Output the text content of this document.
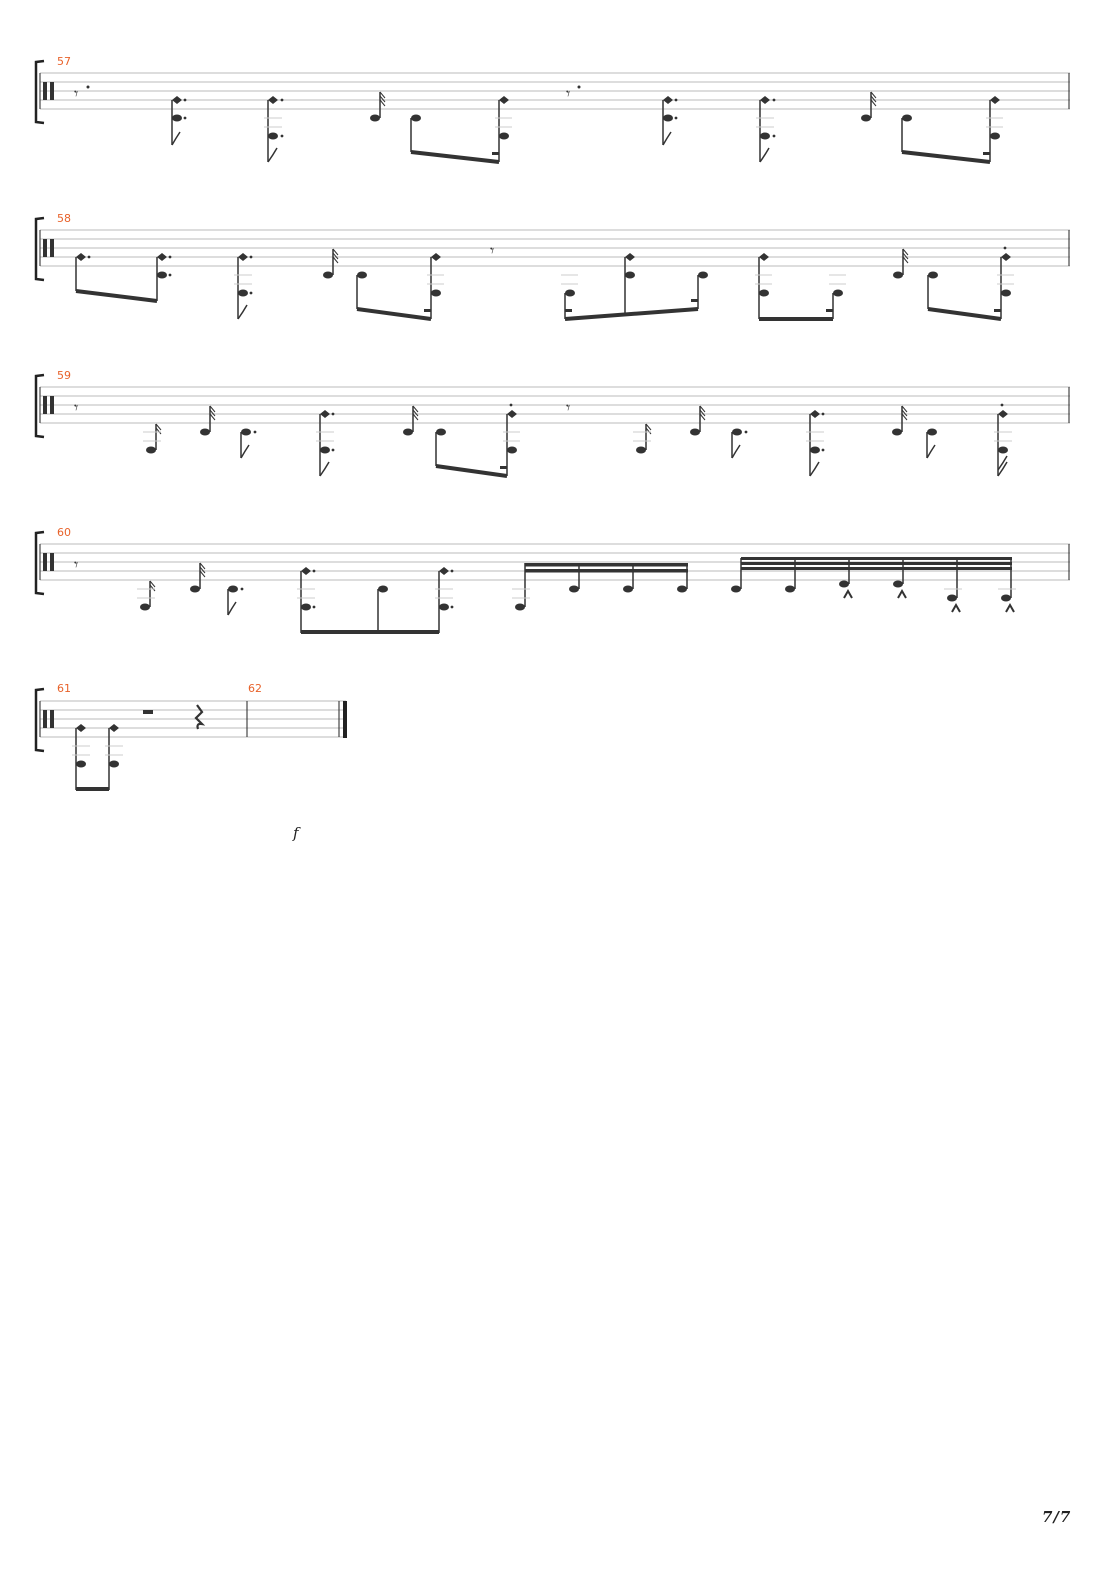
57
𝄾	𝄾
58
𝄾
59
𝄾	𝄾
60
𝄾
61	62
f
7/7
